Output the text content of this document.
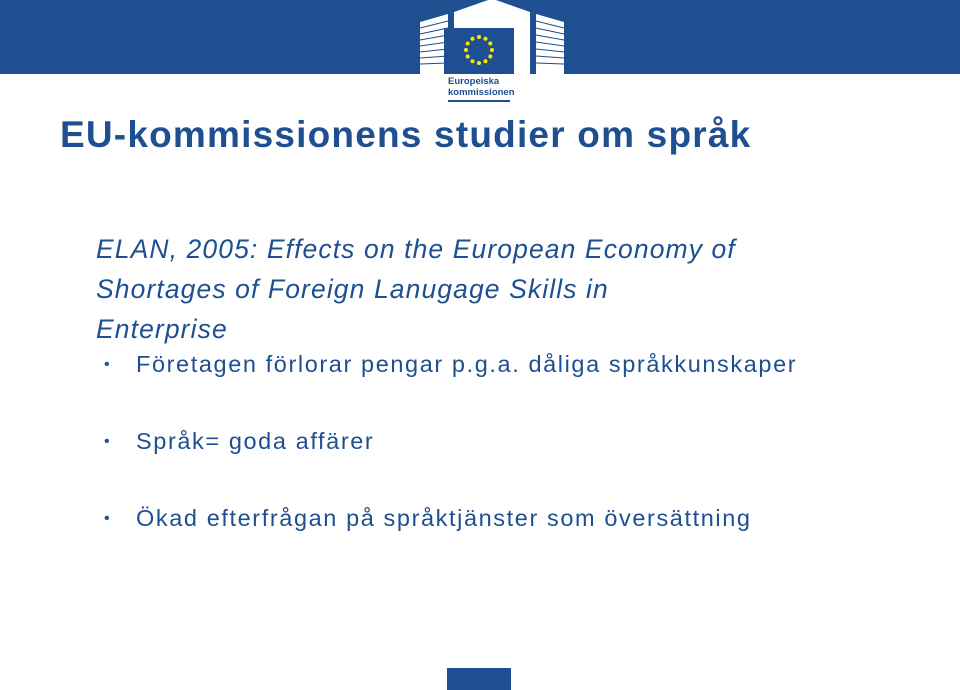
Europeiska
kommissionen
EU-kommissionens studier om språk

ELAN, 2005: Effects on the European Economy of
Shortages of Foreign Lanugage Skills in
Enterprise

• Företagen förlorar pengar p.g.a. dåliga språkkunskaper
• Språk= goda affärer
• Ökad efterfrågan på språktjänster som översättning
